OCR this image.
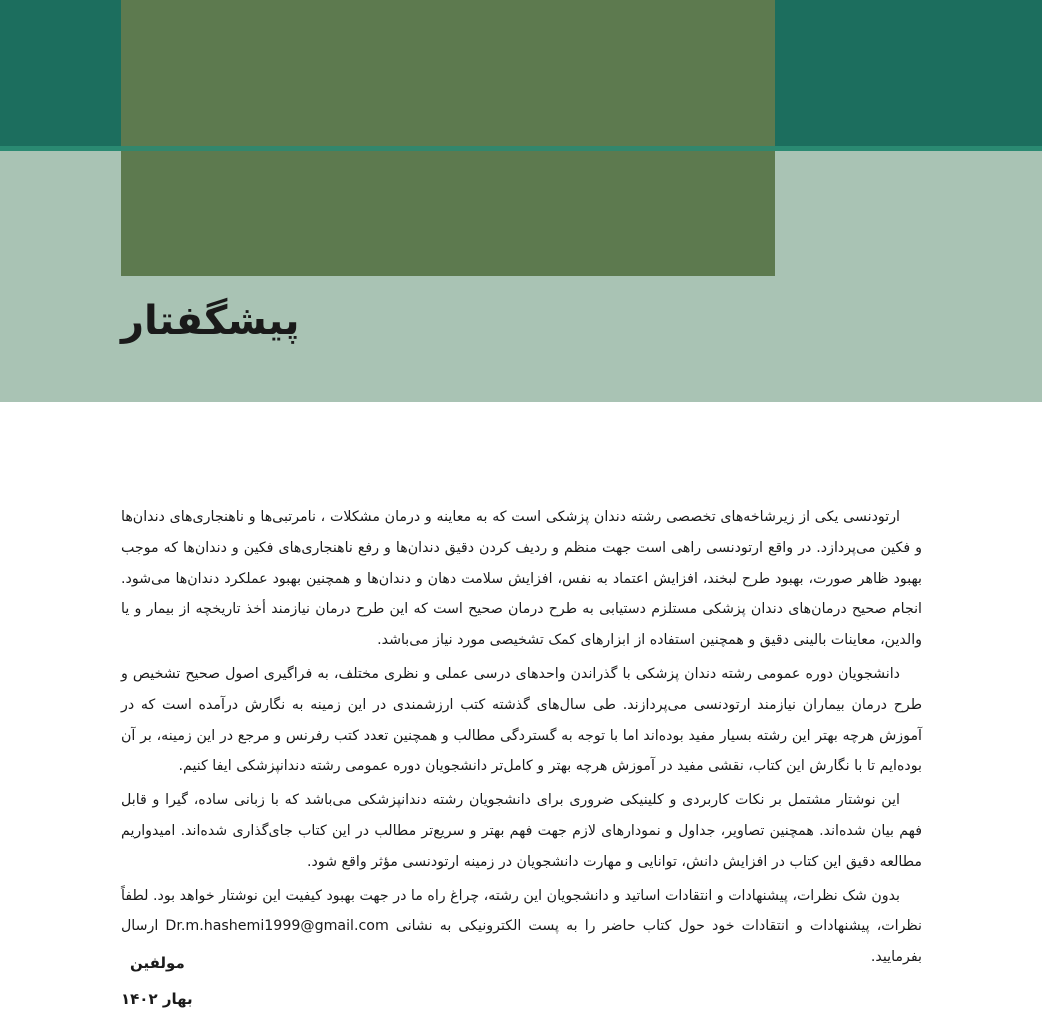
پیشگفتار

ارتودنسی یکی از زیرشاخه‌های تخصصی رشته دندان پزشکی است که به معاینه و درمان مشکلات ، نامرتبی‌ها و ناهنجاری‌های دندان‌ها و فکین می‌پردازد. در واقع ارتودنسی راهی است جهت منظم و ردیف کردن دقیق دندان‌ها و رفع ناهنجاری‌های فکین و دندان‌ها که موجب بهبود ظاهر صورت، بهبود طرح لبخند، افزایش اعتماد به نفس، افزایش سلامت دهان و دندان‌ها و همچنین بهبود عملکرد دندان‌ها می‌شود. انجام صحیح درمان‌های دندان پزشکی مستلزم دستیابی به طرح درمان صحیح است که این طرح درمان نیازمند أخذ تاریخچه از بیمار و یا والدین، معاینات بالینی دقیق و همچنین استفاده از ابزارهای کمک تشخیصی مورد نیاز می‌باشد.

دانشجویان دوره عمومی رشته دندان پزشکی با گذراندن واحدهای درسی عملی و نظری مختلف، به فراگیری اصول صحیح تشخیص و طرح درمان بیماران نیازمند ارتودنسی می‌پردازند. طی سال‌های گذشته کتب ارزشمندی در این زمینه به نگارش درآمده است که در آموزش هرچه بهتر این رشته بسیار مفید بوده‌اند اما با توجه به گستردگی مطالب و همچنین تعدد کتب رفرنس و مرجع در این زمینه، بر آن بوده‌ایم تا با نگارش این کتاب، نقشی مفید در آموزش هرچه بهتر و کامل‌تر دانشجویان دوره عمومی رشته دندانپزشکی ایفا کنیم.

این نوشتار مشتمل بر نکات کاربردی و کلینیکی ضروری برای دانشجویان رشته دندانپزشکی می‌باشد که با زبانی ساده، گیرا و قابل فهم بیان شده‌اند. همچنین تصاویر، جداول و نمودارهای لازم جهت فهم بهتر و سریع‌تر مطالب در این کتاب جای‌گذاری شده‌اند. امیدواریم مطالعه دقیق این کتاب در افزایش دانش، توانایی و مهارت دانشجویان در زمینه ارتودنسی مؤثر واقع شود.

بدون شک نظرات، پیشنهادات و انتقادات اساتید و دانشجویان این رشته، چراغ راه ما در جهت بهبود کیفیت این نوشتار خواهد بود. لطفاً نظرات، پیشنهادات و انتقادات خود حول کتاب حاضر را به پست الکترونیکی به نشانی Dr.m.hashemi1999@gmail.com ارسال بفرمایید.

مولفین
بهار ۱۴۰۲
